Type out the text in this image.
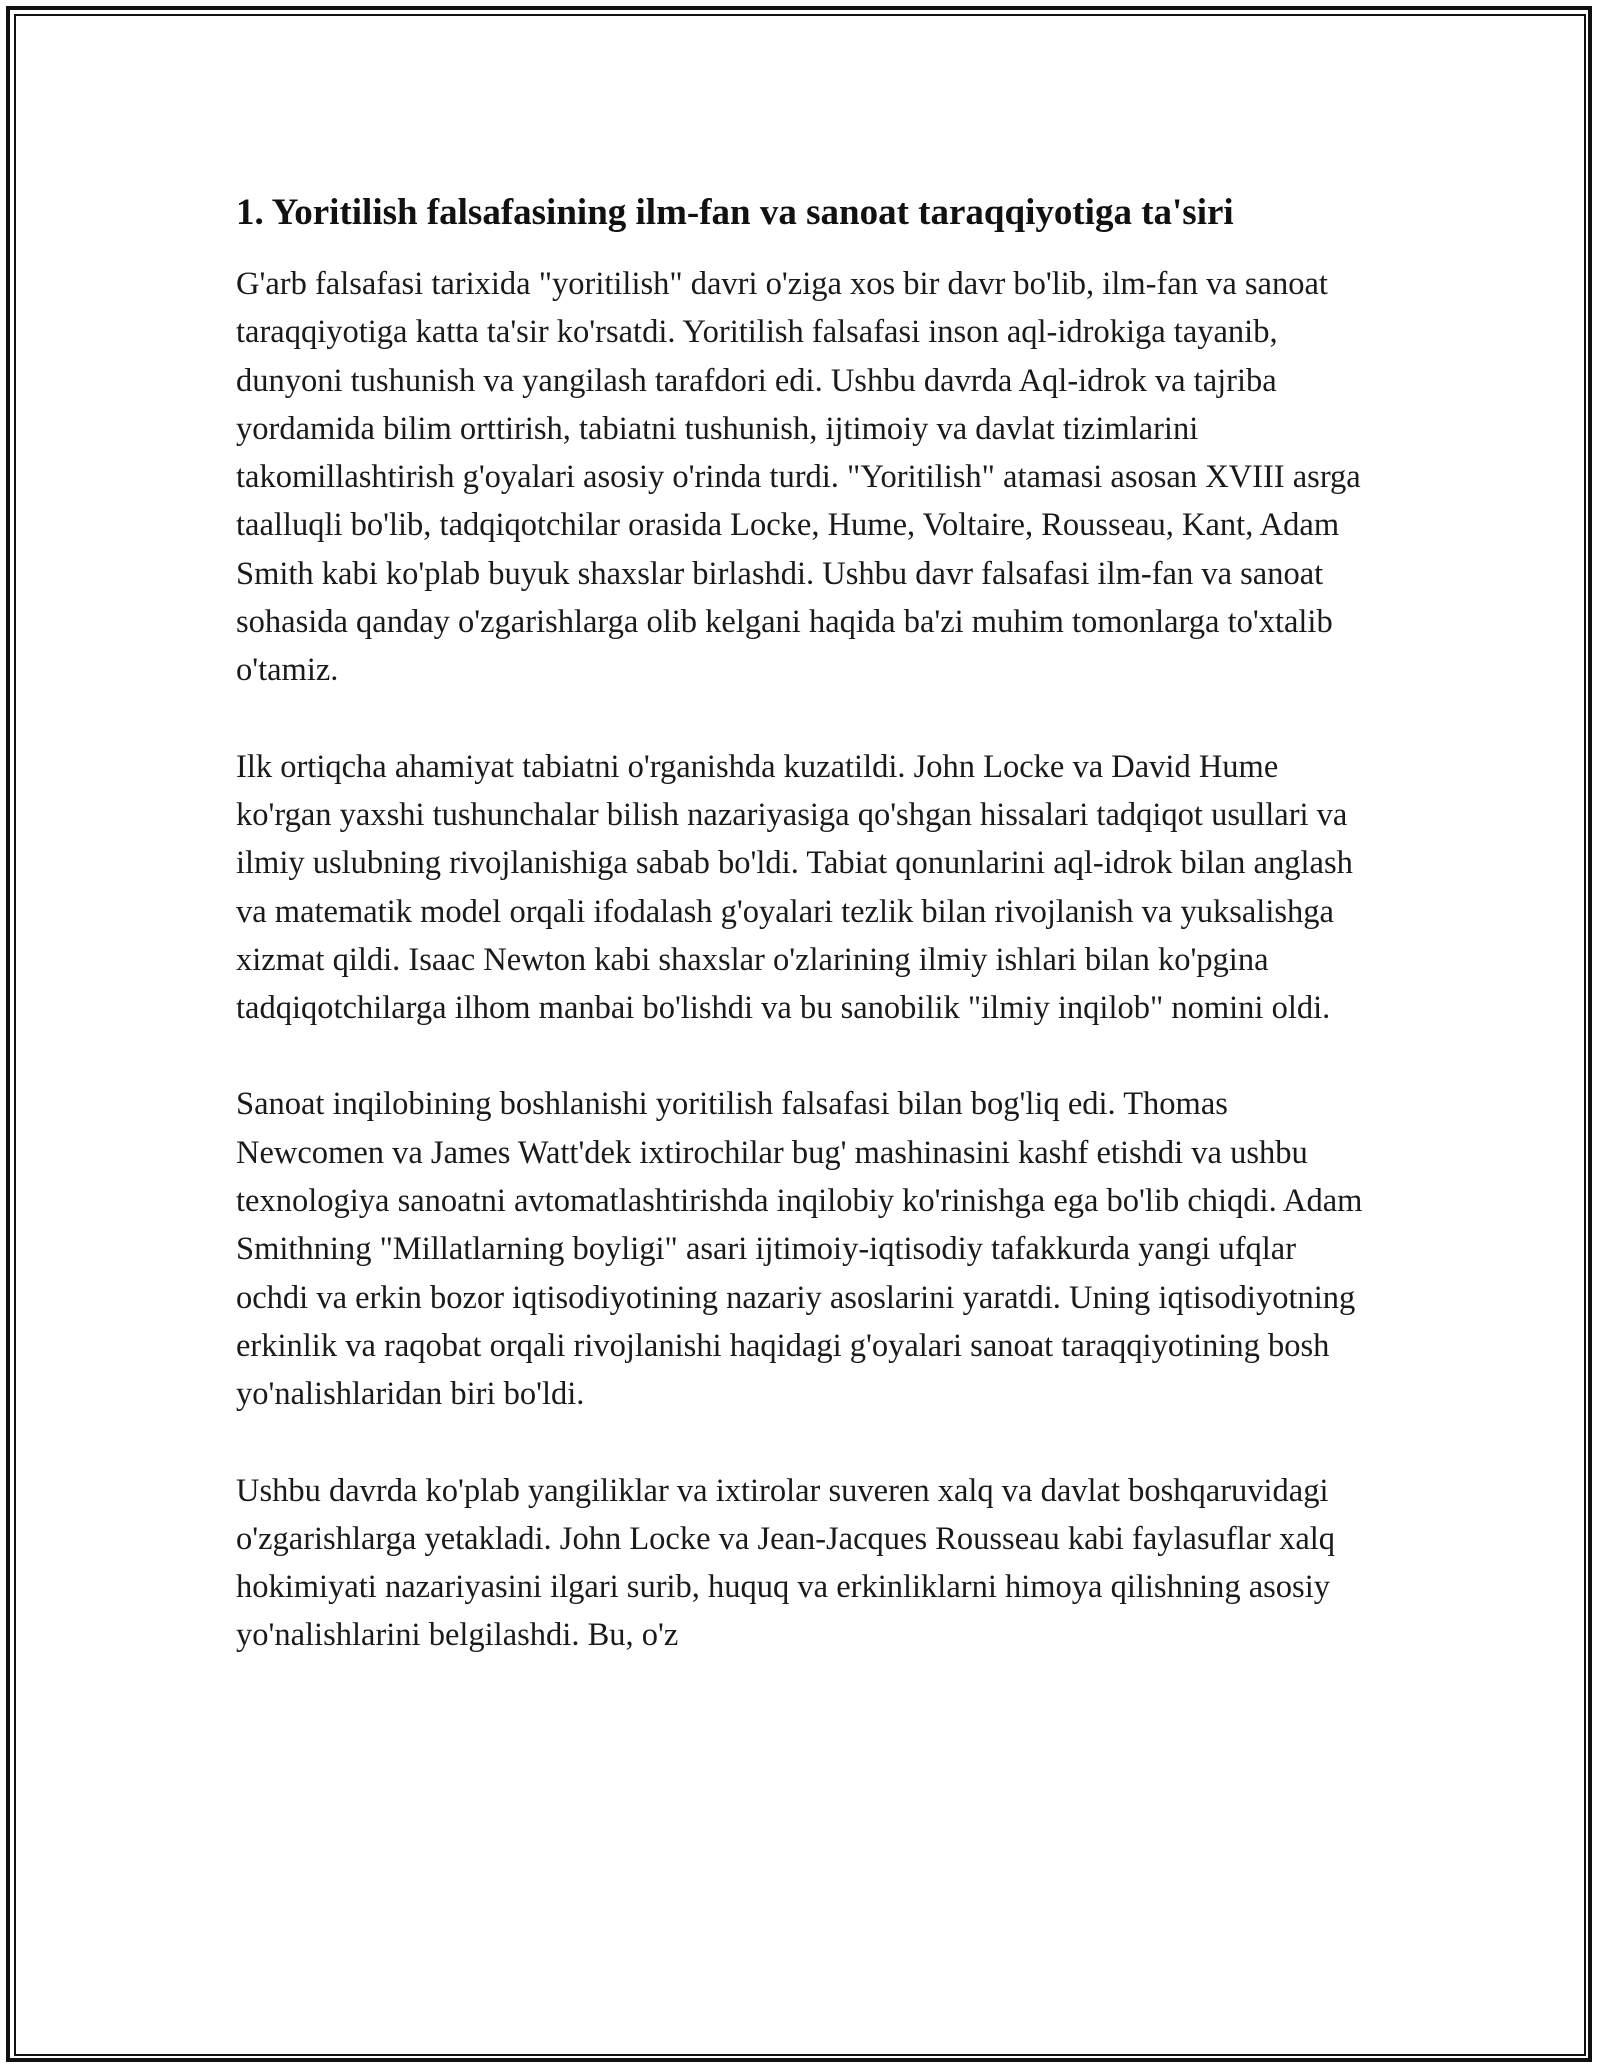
1. Yoritilish falsafasining ilm-fan va sanoat taraqqiyotiga ta'siri

G'arb falsafasi tarixida "yoritilish" davri o'ziga xos bir davr bo'lib, ilm-fan va sanoat taraqqiyotiga katta ta'sir ko'rsatdi. Yoritilish falsafasi inson aql-idrokiga tayanib, dunyoni tushunish va yangilash tarafdori edi. Ushbu davrda Aql-idrok va tajriba yordamida bilim orttirish, tabiatni tushunish, ijtimoiy va davlat tizimlarini takomillashtirish g'oyalari asosiy o'rinda turdi. "Yoritilish" atamasi asosan XVIII asrga taalluqli bo'lib, tadqiqotchilar orasida Locke, Hume, Voltaire, Rousseau, Kant, Adam Smith kabi ko'plab buyuk shaxslar birlashdi. Ushbu davr falsafasi ilm-fan va sanoat sohasida qanday o'zgarishlarga olib kelgani haqida ba'zi muhim tomonlarga to'xtalib o'tamiz.

Ilk ortiqcha ahamiyat tabiatni o'rganishda kuzatildi. John Locke va David Hume ko'rgan yaxshi tushunchalar bilish nazariyasiga qo'shgan hissalari tadqiqot usullari va ilmiy uslubning rivojlanishiga sabab bo'ldi. Tabiat qonunlarini aql-idrok bilan anglash va matematik model orqali ifodalash g'oyalari tezlik bilan rivojlanish va yuksalishga xizmat qildi. Isaac Newton kabi shaxslar o'zlarining ilmiy ishlari bilan ko'pgina tadqiqotchilarga ilhom manbai bo'lishdi va bu sanobilik "ilmiy inqilob" nomini oldi.

Sanoat inqilobining boshlanishi yoritilish falsafasi bilan bog'liq edi. Thomas Newcomen va James Watt'dek ixtirochilar bug' mashinasini kashf etishdi va ushbu texnologiya sanoatni avtomatlashtirishda inqilobiy ko'rinishga ega bo'lib chiqdi. Adam Smithning "Millatlarning boyligi" asari ijtimoiy-iqtisodiy tafakkurda yangi ufqlar ochdi va erkin bozor iqtisodiyotining nazariy asoslarini yaratdi. Uning iqtisodiyotning erkinlik va raqobat orqali rivojlanishi haqidagi g'oyalari sanoat taraqqiyotining bosh yo'nalishlaridan biri bo'ldi.

Ushbu davrda ko'plab yangiliklar va ixtirolar suveren xalq va davlat boshqaruvidagi o'zgarishlarga yetakladi. John Locke va Jean-Jacques Rousseau kabi faylasuflar xalq hokimiyati nazariyasini ilgari surib, huquq va erkinliklarni himoya qilishning asosiy yo'nalishlarini belgilashdi. Bu, o'z
